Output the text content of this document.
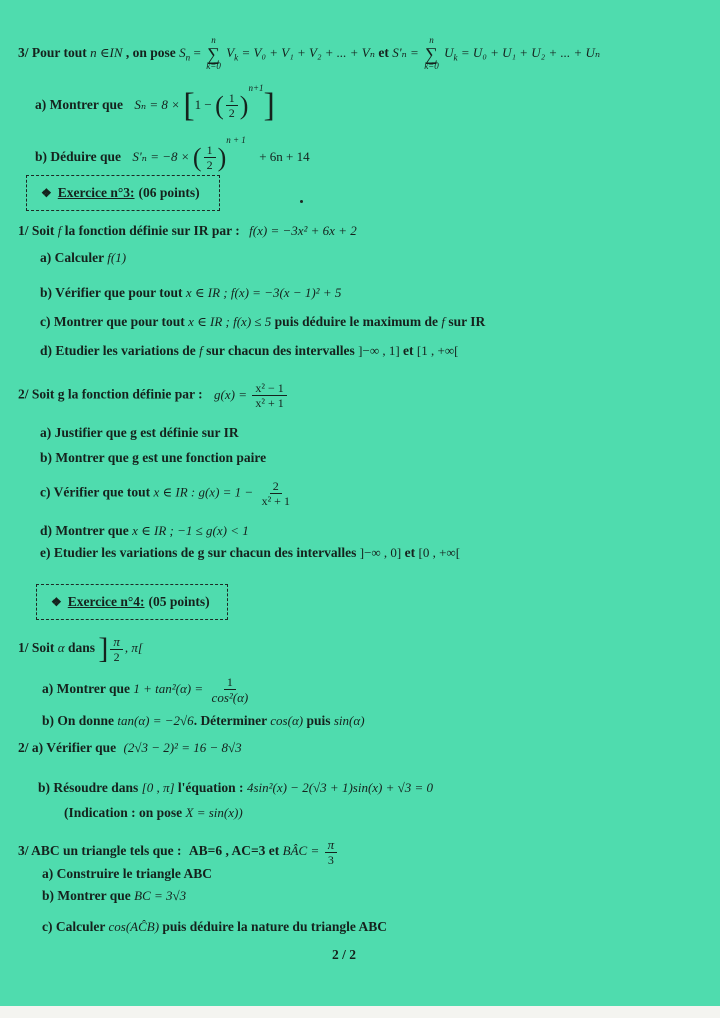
3/ Pour tout n ∈IN , on pose $S_n$ =
n
∑
k=0
$V_k = V_0 + V_1 + V_2$ + ... + Vₙ et S'ₙ =
n
∑
k=0
$U_k = U_0 + U_1 + U_2$ + ... + Uₙ
a) Montrer que Sₙ = 8 × [1 − ( $\frac{1}{2} )^{n+1}$]
b) Déduire que S'ₙ = −8 × ( $\frac{1}{2} )^{n + 1} + 6n + 14$
❖ Exercice n°3: (06 points)
1/ Soit f la fonction définie sur IR par : f(x) = −3x² + 6x + 2
a) Calculer f(1)
b) Vérifier que pour tout x ∈ IR ; f(x) = −3(x − 1)² + 5
c) Montrer que pour tout x ∈ IR ; f(x) ≤ 5 puis déduire le maximum de f sur IR
d) Etudier les variations de f sur chacun des intervalles ]−∞ , 1] et [1 , +∞[
2/ Soit g la fonction définie par : $g(x) = \frac{\text{x² − 1}}{\text{x² + 1}}$
a) Justifier que g est définie sur IR
b) Montrer que g est une fonction paire
c) Vérifier que tout x ∈ IR : $g(x) = 1 - \frac{2}{\text{x² + 1}}$
d) Montrer que x ∈ IR ; −1 ≤ g(x) < 1
e) Etudier les variations de g sur chacun des intervalles ]−∞ , 0] et [0 , +∞[
❖ Exercice n°4: (05 points)
1/ Soit α dans ] $\frac{\pi}{2}$ , π[
a) Montrer que $1 + \tan^2(\alpha) = \frac{1}{\text{cos²(α)}}$
b) On donne tan(α) = −2√6. Déterminer cos(α) puis sin(α)
2/ a) Vérifier que (2√3 − 2)² = 16 − 8√3
b) Résoudre dans [0 , π] l'équation : 4sin²(x) − 2(√3 + 1)sin(x) + √3 = 0
(Indication : on pose X = sin(x))
3/ ABC un triangle tels que : AB=6 , AC=3 et BÂC = $\frac{\pi}{3}$
a) Construire le triangle ABC
b) Montrer que BC = 3√3
c) Calculer cos(AĈB) puis déduire la nature du triangle ABC
2 / 2
